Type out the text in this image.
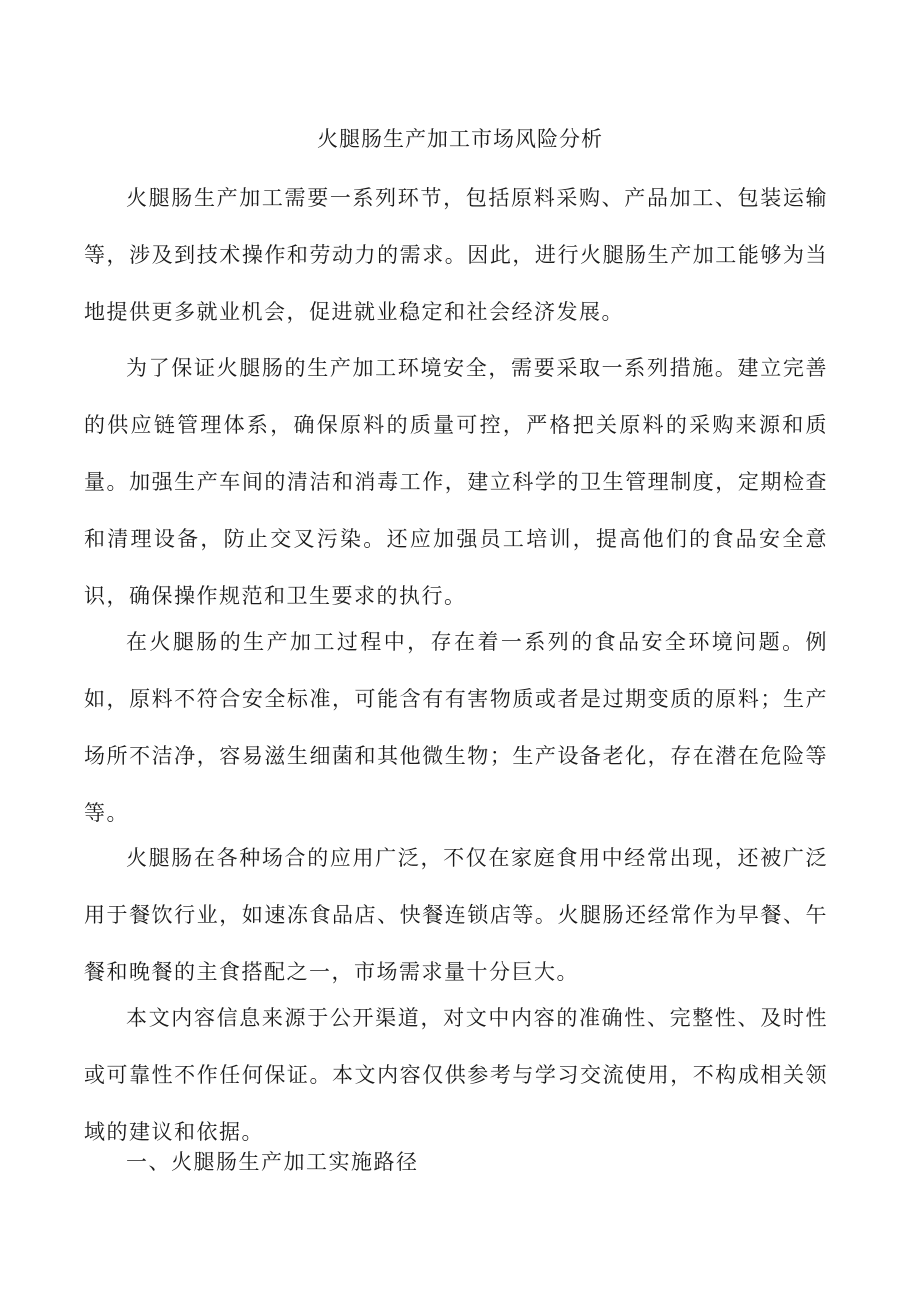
火腿肠生产加工市场风险分析

火腿肠生产加工需要一系列环节，包括原料采购、产品加工、包装运输等，涉及到技术操作和劳动力的需求。因此，进行火腿肠生产加工能够为当地提供更多就业机会，促进就业稳定和社会经济发展。

为了保证火腿肠的生产加工环境安全，需要采取一系列措施。建立完善的供应链管理体系，确保原料的质量可控，严格把关原料的采购来源和质量。加强生产车间的清洁和消毒工作，建立科学的卫生管理制度，定期检查和清理设备，防止交叉污染。还应加强员工培训，提高他们的食品安全意识，确保操作规范和卫生要求的执行。

在火腿肠的生产加工过程中，存在着一系列的食品安全环境问题。例如，原料不符合安全标准，可能含有有害物质或者是过期变质的原料；生产场所不洁净，容易滋生细菌和其他微生物；生产设备老化，存在潜在危险等等。

火腿肠在各种场合的应用广泛，不仅在家庭食用中经常出现，还被广泛用于餐饮行业，如速冻食品店、快餐连锁店等。火腿肠还经常作为早餐、午餐和晚餐的主食搭配之一，市场需求量十分巨大。

本文内容信息来源于公开渠道，对文中内容的准确性、完整性、及时性或可靠性不作任何保证。本文内容仅供参考与学习交流使用，不构成相关领域的建议和依据。

一、火腿肠生产加工实施路径
